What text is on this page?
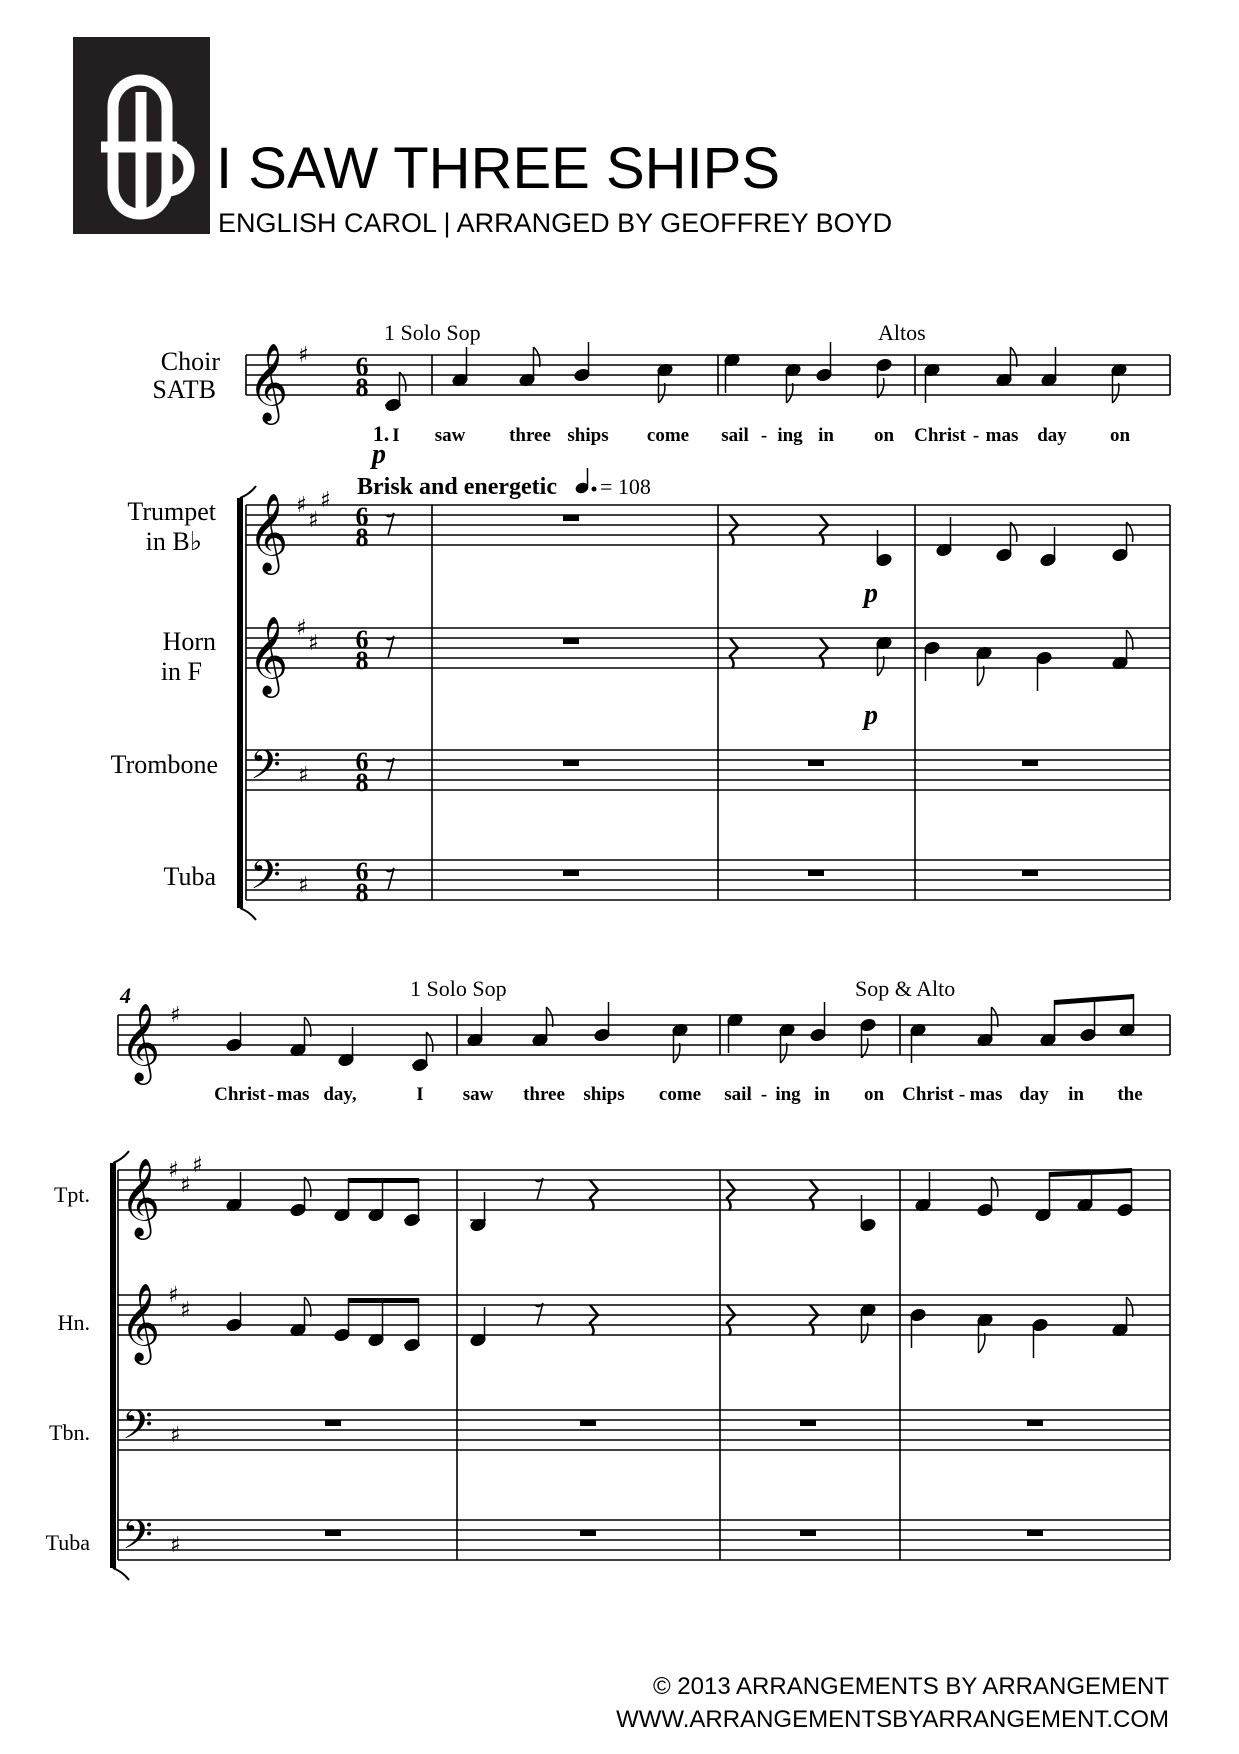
I SAW THREE SHIPS
ENGLISH CAROL | ARRANGED BY GEOFFREY BOYD
Choir
SATB
Trumpet
in B♭
Horn
in F
Trombone
Tuba
𝄞
𝄞
𝄞
𝄢
𝄢
♯
♯
♯
♯
♯
♯
♯
♯
6
8
6
8
6
8
6
8
6
8
1 Solo Sop	Altos
Brisk and energetic = 108
1. I saw three ships come sail - ing in on Christ - mas day on
p
p
p
4
Tpt.
Hn.
Tbn.
Tuba
𝄞
𝄞
𝄞
𝄢
𝄢
♯
♯
♯
♯
♯
♯
♯
♯
1 Solo Sop	Sop & Alto
Christ - mas day,	I saw three ships come sail - ing in on Christ - mas day in the
© 2013 ARRANGEMENTS BY ARRANGEMENT
WWW.ARRANGEMENTSBYARRANGEMENT.COM
